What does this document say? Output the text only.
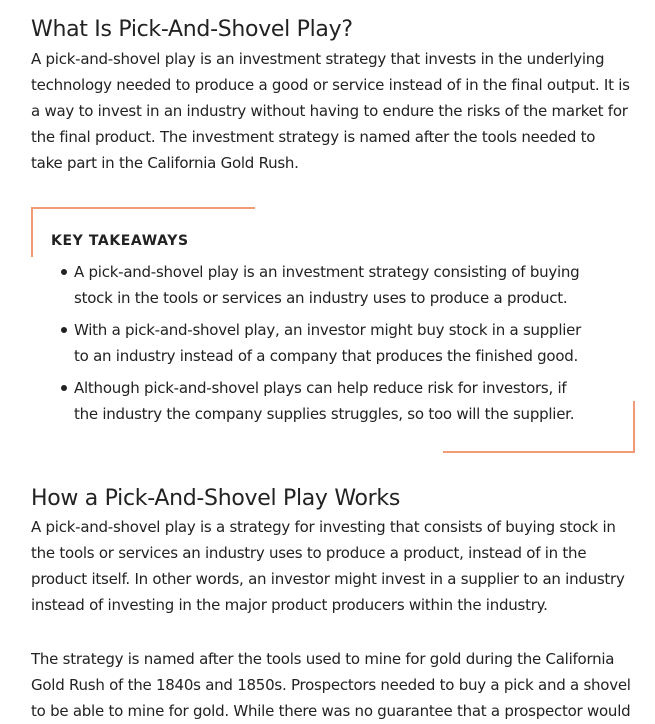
What Is Pick-And-Shovel Play?

A pick-and-shovel play is an investment strategy that invests in the underlying technology needed to produce a good or service instead of in the final output. It is a way to invest in an industry without having to endure the risks of the market for the final product. The investment strategy is named after the tools needed to take part in the California Gold Rush.

How a Pick-And-Shovel Play Works

A pick-and-shovel play is a strategy for investing that consists of buying stock in the tools or services an industry uses to produce a product, instead of in the product itself. In other words, an investor might invest in a supplier to an industry instead of investing in the major product producers within the industry.

The strategy is named after the tools used to mine for gold during the California Gold Rush of the 1840s and 1850s. Prospectors needed to buy a pick and a shovel to be able to mine for gold. While there was no guarantee that a prospector would

KEY TAKEAWAYS
A pick-and-shovel play is an investment strategy consisting of buying stock in the tools or services an industry uses to produce a product.
With a pick-and-shovel play, an investor might buy stock in a supplier to an industry instead of a company that produces the finished good.
Although pick-and-shovel plays can help reduce risk for investors, if the industry the company supplies struggles, so too will the supplier.
